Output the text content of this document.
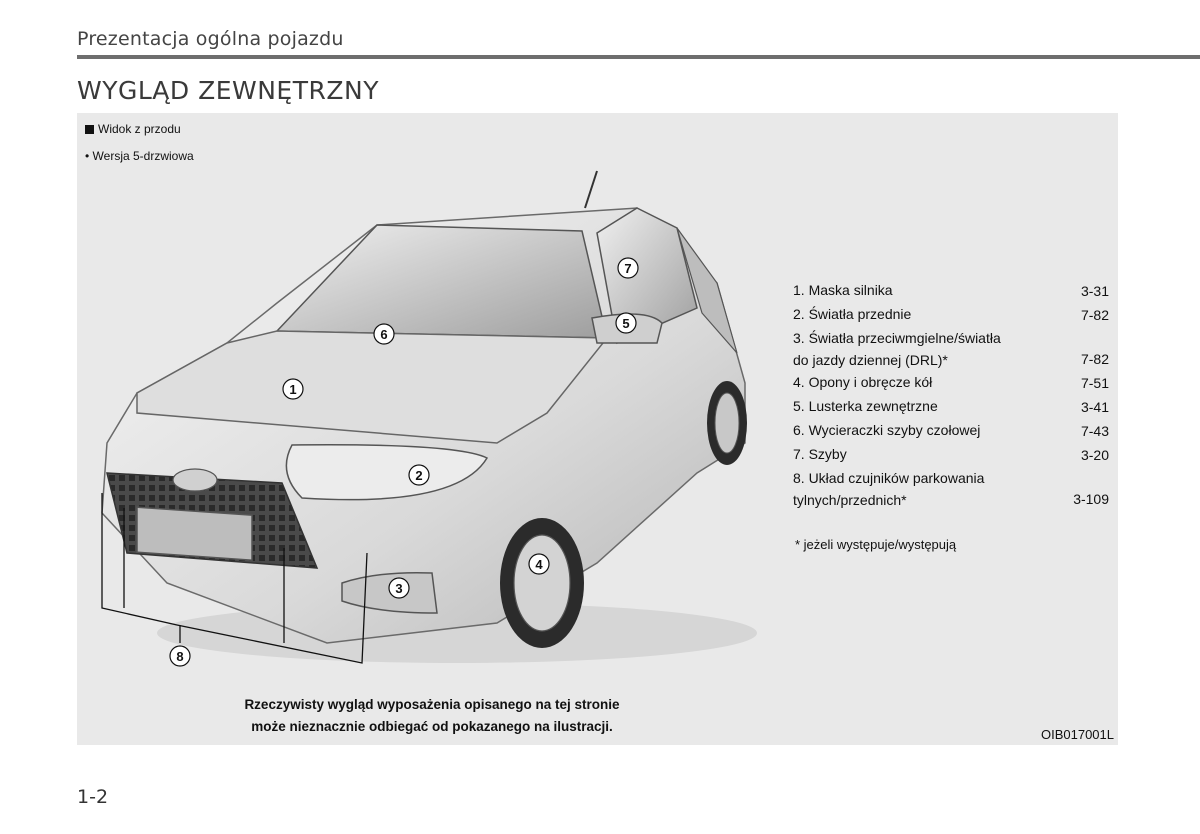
Prezentacja ogólna pojazdu
WYGLĄD ZEWNĘTRZNY
Widok z przodu
• Wersja 5-drzwiowa
1
2
3
4
5
6
7
8
1. Maska silnika	3-31
2. Światła przednie	7-82
3. Światła przeciwmgielne/światła
do jazdy dziennej (DRL)*	7-82
4. Opony i obręcze kół	7-51
5. Lusterka zewnętrzne	3-41
6. Wycieraczki szyby czołowej	7-43
7. Szyby	3-20
8. Układ czujników parkowania
tylnych/przednich*	3-109
* jeżeli występuje/występują
Rzeczywisty wygląd wyposażenia opisanego na tej stronie
może nieznacznie odbiegać od pokazanego na ilustracji.
OIB017001L
1-2
